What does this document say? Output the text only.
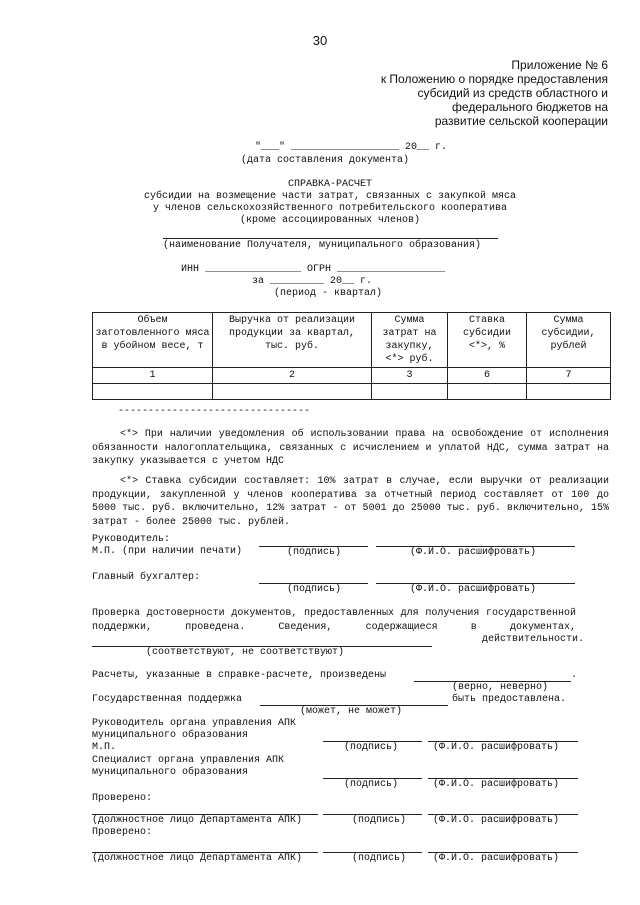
30
Приложение № 6
к Положению о порядке предоставления
субсидий из средств областного и
федерального бюджетов на
развитие сельской кооперации
"___" __________________ 20__ г.
(дата составления документа)
СПРАВКА-РАСЧЕТ
субсидии на возмещение части затрат, связанных с закупкой мяса
у членов сельскохозяйственного потребительского кооператива
(кроме ассоциированных членов)
(наименование Получателя, муниципального образования)
ИНН ________________ ОГРН __________________
за _________ 20__ г.
(период - квартал)
Объем заготовленного мяса в убойном весе, т	Выручка от реализации продукции за квартал, тыс. руб.	Сумма затрат на закупку, <*> руб.	Ставка субсидии <*>, %	Сумма субсидии, рублей
1	2	3	6	7

--------------------------------
<*> При наличии уведомления об использовании права на освобождение от исполнения обязанности налогоплательщика, связанных с исчислением и уплатой НДС, сумма затрат на закупку указывается с учетом НДС
<*> Ставка субсидии составляет: 10% затрат в случае, если выручки от реализации продукции, закупленной у членов кооператива за отчетный период составляет от 100 до 5000 тыс. руб. включительно, 12% затрат - от 5001 до 25000 тыс. руб. включительно, 15% затрат - более 25000 тыс. рублей.
Руководитель:
М.П. (при наличии печати)	(подпись)	(Ф.И.О. расшифровать)
Главный бухгалтер:
(подпись)	(Ф.И.О. расшифровать)
Проверка достоверности документов, предоставленных для получения государственной поддержки, проведена. Сведения, содержащиеся в документах,
действительности.
(соответствуют, не соответствуют)
Расчеты, указанные в справке-расчете, произведены	.
(верно, неверно)
Государственная поддержка	быть предоставлена.
(может, не может)
Руководитель органа управления АПК
муниципального образования
М.П.	(подпись)	(Ф.И.О. расшифровать)
Специалист органа управления АПК
муниципального образования
(подпись)	(Ф.И.О. расшифровать)
Проверено:
(должностное лицо Департамента АПК)	(подпись)	(Ф.И.О. расшифровать)
Проверено:
(должностное лицо Департамента АПК)	(подпись)	(Ф.И.О. расшифровать)
